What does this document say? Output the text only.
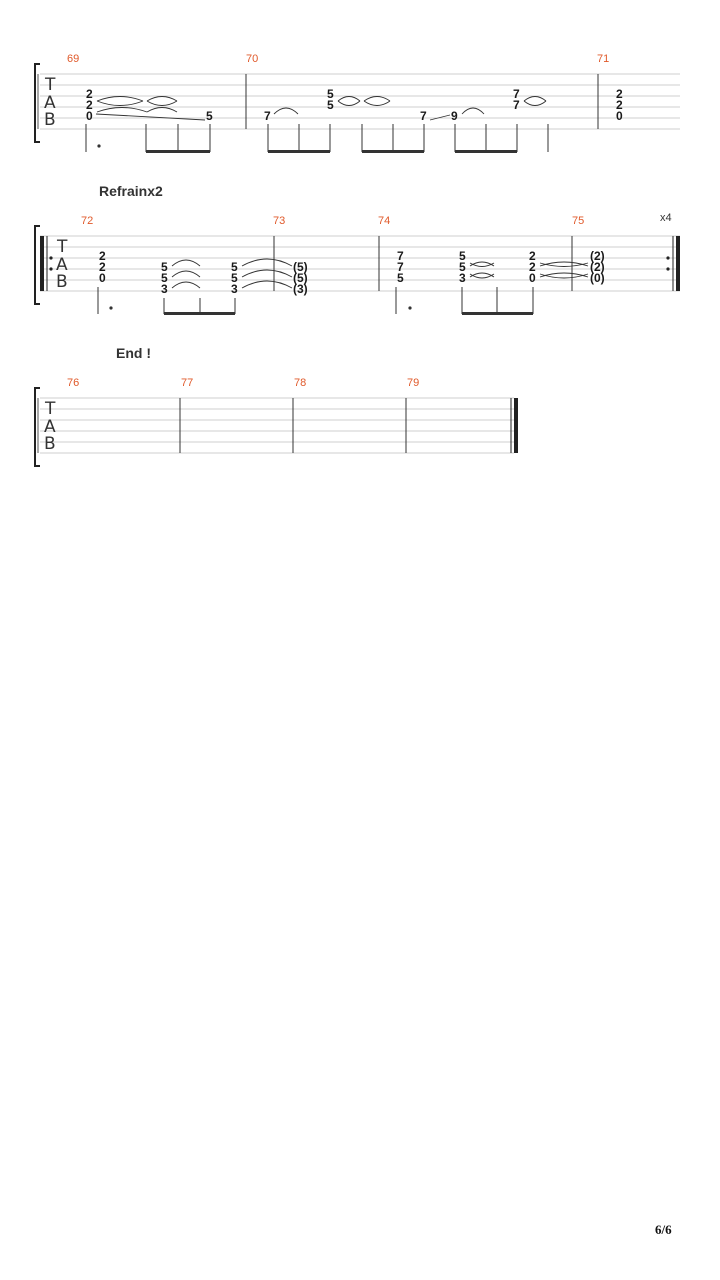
T
A
B
69	70	71
2
2
0	5	7
5
5
7 9
7
7
2
2
0
Refrainx2
T
A
B
72	73	74	75	x4
2
2
0
5
5
3
5
5
3
(5)
(5)
(3)
7
7
5
5
5
3
2
2
0
(2)
(2)
(0)
End !
T
A
B
76	77	78	79
6/6
